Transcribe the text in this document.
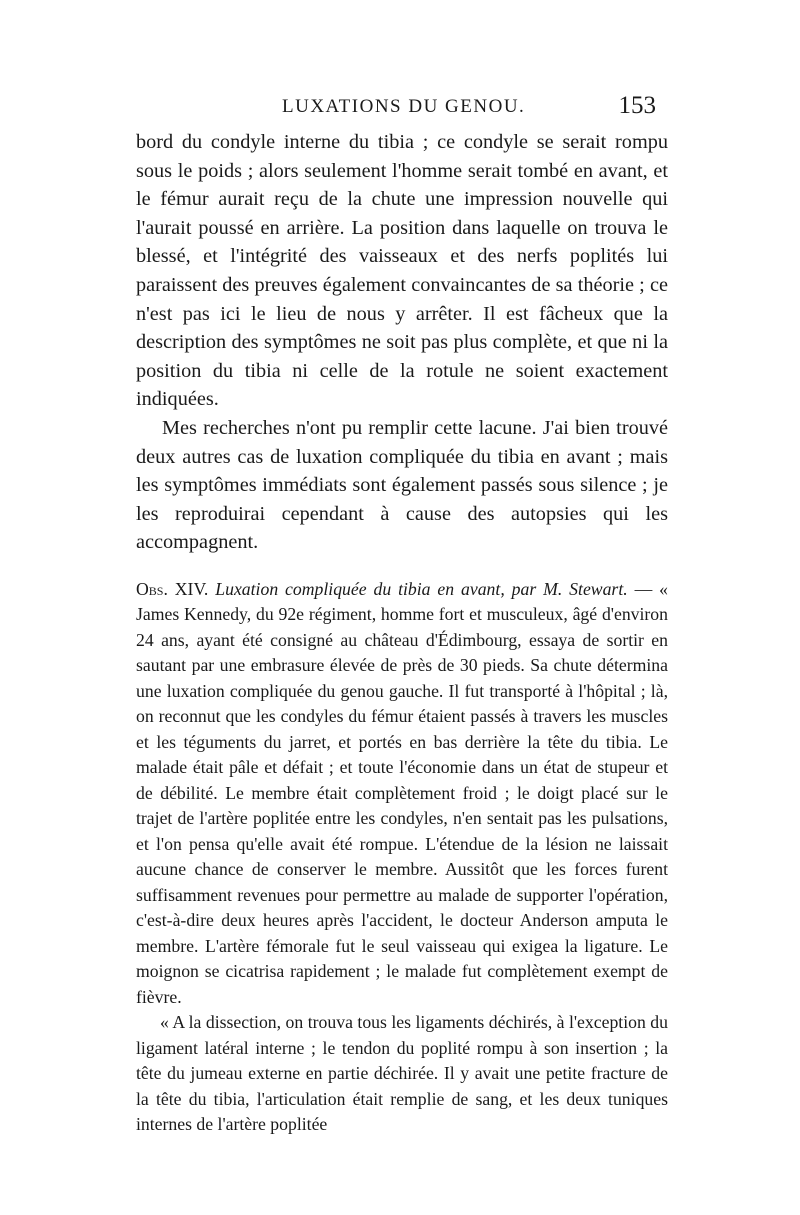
LUXATIONS DU GENOU.	153

bord du condyle interne du tibia ; ce condyle se serait rompu sous le poids ; alors seulement l'homme serait tombé en avant, et le fémur aurait reçu de la chute une impression nouvelle qui l'aurait poussé en arrière. La position dans laquelle on trouva le blessé, et l'intégrité des vaisseaux et des nerfs poplités lui paraissent des preuves également convaincantes de sa théorie ; ce n'est pas ici le lieu de nous y arrêter. Il est fâcheux que la description des symptômes ne soit pas plus complète, et que ni la position du tibia ni celle de la rotule ne soient exactement indiquées.

Mes recherches n'ont pu remplir cette lacune. J'ai bien trouvé deux autres cas de luxation compliquée du tibia en avant ; mais les symptômes immédiats sont également passés sous silence ; je les reproduirai cependant à cause des autopsies qui les accompagnent.

Obs. XIV. Luxation compliquée du tibia en avant, par M. Stewart. — « James Kennedy, du 92e régiment, homme fort et musculeux, âgé d'environ 24 ans, ayant été consigné au château d'Édimbourg, essaya de sortir en sautant par une embrasure élevée de près de 30 pieds. Sa chute détermina une luxation compliquée du genou gauche. Il fut transporté à l'hôpital ; là, on reconnut que les condyles du fémur étaient passés à travers les muscles et les téguments du jarret, et portés en bas derrière la tête du tibia. Le malade était pâle et défait ; et toute l'économie dans un état de stupeur et de débilité. Le membre était complètement froid ; le doigt placé sur le trajet de l'artère poplitée entre les condyles, n'en sentait pas les pulsations, et l'on pensa qu'elle avait été rompue. L'étendue de la lésion ne laissait aucune chance de conserver le membre. Aussitôt que les forces furent suffisamment revenues pour permettre au malade de supporter l'opération, c'est-à-dire deux heures après l'accident, le docteur Anderson amputa le membre. L'artère fémorale fut le seul vaisseau qui exigea la ligature. Le moignon se cicatrisa rapidement ; le malade fut complètement exempt de fièvre.

« A la dissection, on trouva tous les ligaments déchirés, à l'exception du ligament latéral interne ; le tendon du poplité rompu à son insertion ; la tête du jumeau externe en partie déchirée. Il y avait une petite fracture de la tête du tibia, l'articulation était remplie de sang, et les deux tuniques internes de l'artère poplitée
